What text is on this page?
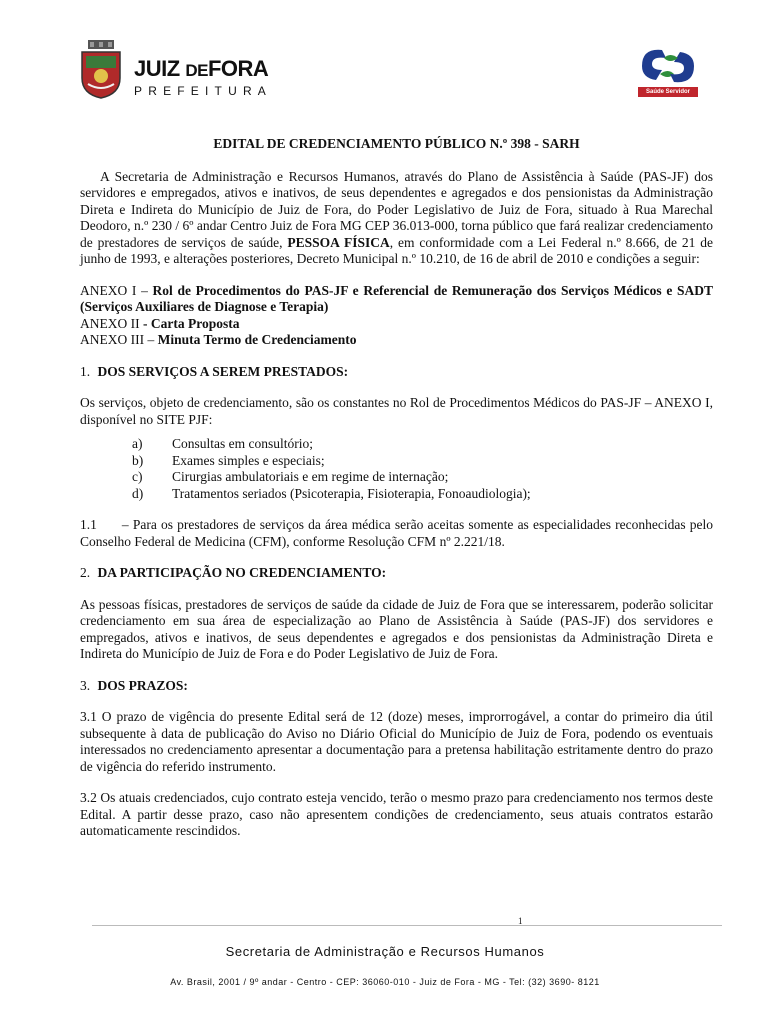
JUIZ DEFORA
PREFEITURA	Saúde Servidor
EDITAL DE CREDENCIAMENTO PÚBLICO N.º 398 - SARH

A Secretaria de Administração e Recursos Humanos, através do Plano de Assistência à Saúde (PAS-JF) dos servidores e empregados, ativos e inativos, de seus dependentes e agregados e dos pensionistas da Administração Direta e Indireta do Município de Juiz de Fora, do Poder Legislativo de Juiz de Fora, situado à Rua Marechal Deodoro, n.º 230 / 6º andar Centro Juiz de Fora MG CEP 36.013-000, torna público que fará realizar credenciamento de prestadores de serviços de saúde, PESSOA FÍSICA, em conformidade com a Lei Federal n.º 8.666, de 21 de junho de 1993, e alterações posteriores, Decreto Municipal n.º 10.210, de 16 de abril de 2010 e condições a seguir:

ANEXO I – Rol de Procedimentos do PAS-JF e Referencial de Remuneração dos Serviços Médicos e SADT (Serviços Auxiliares de Diagnose e Terapia)

ANEXO II - Carta Proposta

ANEXO III – Minuta Termo de Credenciamento

1. DOS SERVIÇOS A SEREM PRESTADOS:

Os serviços, objeto de credenciamento, são os constantes no Rol de Procedimentos Médicos do PAS-JF – ANEXO I, disponível no SITE PJF:

a)	Consultas em consultório;
b)	Exames simples e especiais;
c)	Cirurgias ambulatoriais e em regime de internação;
d)	Tratamentos seriados (Psicoterapia, Fisioterapia, Fonoaudiologia);

1.1      – Para os prestadores de serviços da área médica serão aceitas somente as especialidades reconhecidas pelo Conselho Federal de Medicina (CFM), conforme Resolução CFM nº 2.221/18.

2. DA PARTICIPAÇÃO NO CREDENCIAMENTO:

As pessoas físicas, prestadores de serviços de saúde da cidade de Juiz de Fora que se interessarem, poderão solicitar credenciamento em sua área de especialização ao Plano de Assistência à Saúde (PAS-JF) dos servidores e empregados, ativos e inativos, de seus dependentes e agregados e dos pensionistas da Administração Direta e Indireta do Município de Juiz de Fora e do Poder Legislativo de Juiz de Fora.

3. DOS PRAZOS:

3.1 O prazo de vigência do presente Edital será de 12 (doze) meses, improrrogável, a contar do primeiro dia útil subsequente à data de publicação do Aviso no Diário Oficial do Município de Juiz de Fora, podendo os eventuais interessados no credenciamento apresentar a documentação para a pretensa habilitação estritamente dentro do prazo de vigência do referido instrumento.

3.2 Os atuais credenciados, cujo contrato esteja vencido, terão o mesmo prazo para credenciamento nos termos deste Edital. A partir desse prazo, caso não apresentem condições de credenciamento, seus atuais contratos estarão automaticamente rescindidos.

1
Secretaria de Administração e Recursos Humanos
Av. Brasil, 2001 / 9º andar - Centro - CEP: 36060-010 - Juiz de Fora - MG - Tel: (32) 3690- 8121
